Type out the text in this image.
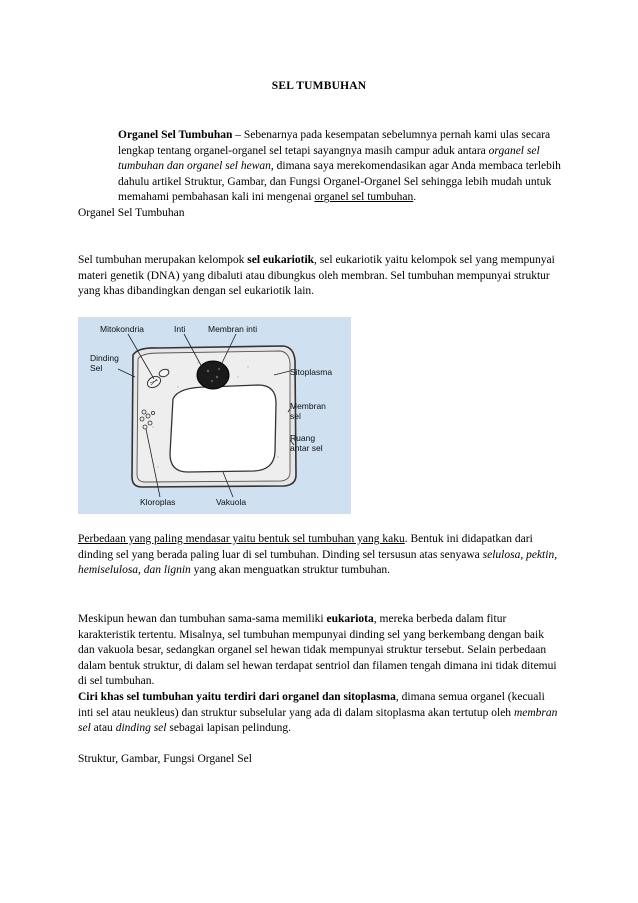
SEL TUMBUHAN

Organel Sel Tumbuhan – Sebenarnya pada kesempatan sebelumnya pernah kami ulas secara lengkap tentang organel-organel sel tetapi sayangnya masih campur aduk antara organel sel tumbuhan dan organel sel hewan, dimana saya merekomendasikan agar Anda membaca terlebih dahulu artikel Struktur, Gambar, dan Fungsi Organel-Organel Sel sehingga lebih mudah untuk memahami pembahasan kali ini mengenai organel sel tumbuhan.

Organel Sel Tumbuhan

Sel tumbuhan merupakan kelompok sel eukariotik, sel eukariotik yaitu kelompok sel yang mempunyai materi genetik (DNA) yang dibaluti atau dibungkus oleh membran. Sel tumbuhan mempunyai struktur yang khas dibandingkan dengan sel eukariotik lain.

Mitokondria	Inti	Membran inti
Sitoplasma
Dinding
Sel
Membran
sel
Ruang
antar sel
Kloroplas	Vakuola

Perbedaan yang paling mendasar yaitu bentuk sel tumbuhan yang kaku. Bentuk ini didapatkan dari dinding sel yang berada paling luar di sel tumbuhan. Dinding sel tersusun atas senyawa selulosa, pektin, hemiselulosa, dan lignin yang akan menguatkan struktur tumbuhan.

Meskipun hewan dan tumbuhan sama-sama memiliki eukariota, mereka berbeda dalam fitur karakteristik tertentu. Misalnya, sel tumbuhan mempunyai dinding sel yang berkembang dengan baik dan vakuola besar, sedangkan organel sel hewan tidak mempunyai struktur tersebut. Selain perbedaan dalam bentuk struktur, di dalam sel hewan terdapat sentriol dan filamen tengah dimana ini tidak ditemui di sel tumbuhan.

Ciri khas sel tumbuhan yaitu terdiri dari organel dan sitoplasma, dimana semua organel (kecuali inti sel atau neukleus) dan struktur subselular yang ada di dalam sitoplasma akan tertutup oleh membran sel atau dinding sel sebagai lapisan pelindung.

Struktur, Gambar, Fungsi Organel Sel
